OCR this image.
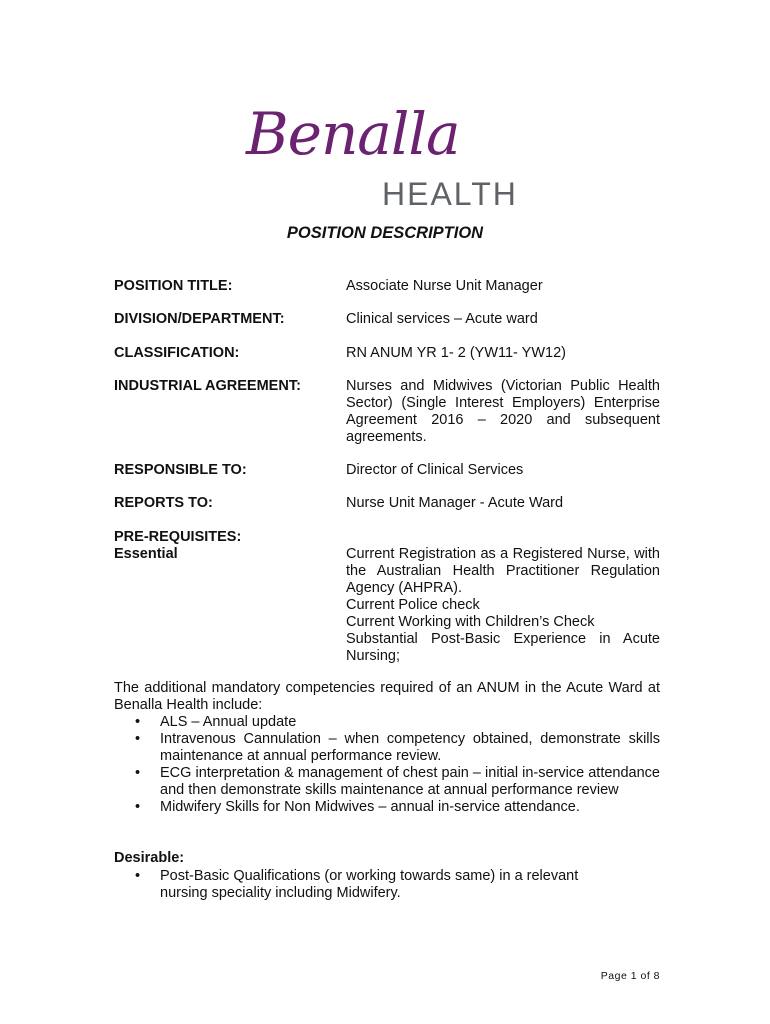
Benalla
HEALTH
POSITION DESCRIPTION
POSITION TITLE:	Associate Nurse Unit Manager
DIVISION/DEPARTMENT:	Clinical services – Acute ward
CLASSIFICATION:	RN ANUM YR 1- 2 (YW11- YW12)
INDUSTRIAL AGREEMENT:	Nurses and Midwives (Victorian Public Health Sector) (Single Interest Employers) Enterprise Agreement 2016 – 2020 and subsequent agreements.
RESPONSIBLE TO:	Director of Clinical Services
REPORTS TO:	Nurse Unit Manager - Acute Ward
PRE-REQUISITES:
Essential	Current Registration as a Registered Nurse, with the Australian Health Practitioner Regulation Agency (AHPRA).
Current Police check
Current Working with Children’s Check
Substantial Post-Basic Experience in Acute Nursing;
The additional mandatory competencies required of an ANUM in the Acute Ward at Benalla Health include:
• ALS – Annual update
• Intravenous Cannulation – when competency obtained, demonstrate skills maintenance at annual performance review.
• ECG interpretation & management of chest pain – initial in-service attendance and then demonstrate skills maintenance at annual performance review
• Midwifery Skills for Non Midwives – annual in-service attendance.
Desirable:
• Post-Basic Qualifications (or working towards same) in a relevant nursing speciality including Midwifery.
Page 1 of 8
